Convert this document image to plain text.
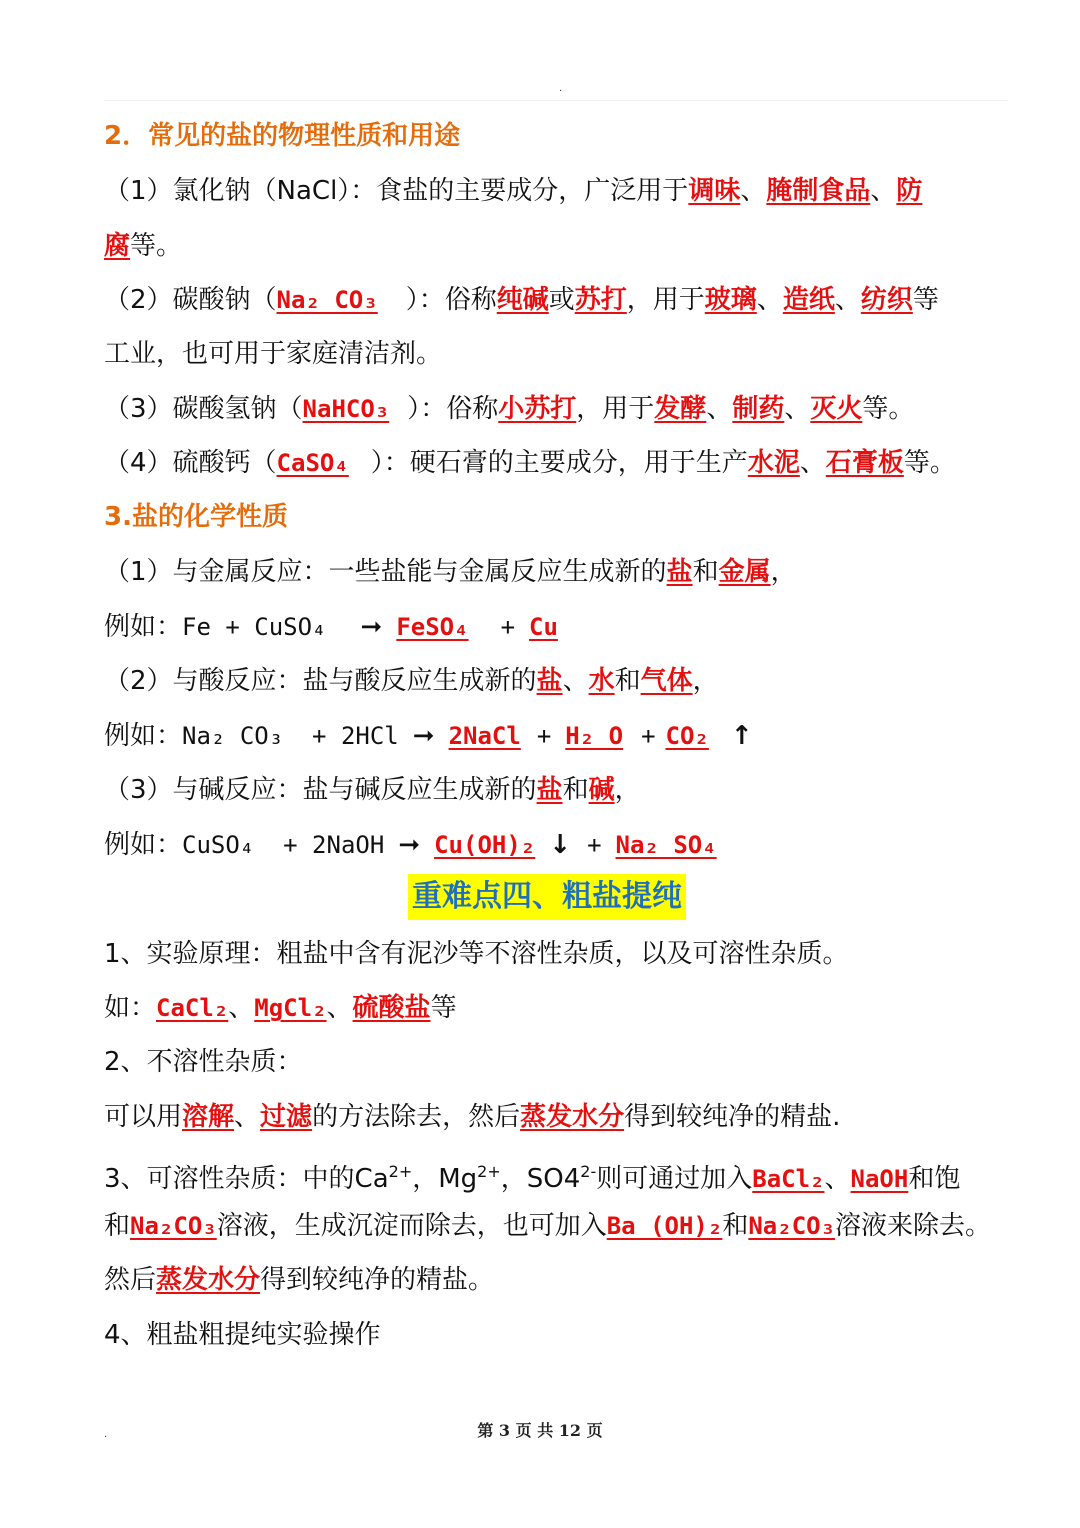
.
2．常见的盐的物理性质和用途
（1）氯化钠（NaCl）：食盐的主要成分，广泛用于调味、腌制食品、防
腐等。
（2）碳酸钠（Na₂ CO₃ ）：俗称纯碱或苏打，用于玻璃、造纸、纺织等
工业，也可用于家庭清洁剂。
（3）碳酸氢钠（NaHCO₃ ）：俗称小苏打，用于发酵、制药、灭火等。
（4）硫酸钙（CaSO₄ ）：硬石膏的主要成分，用于生产水泥、石膏板等。
3.盐的化学性质
（1）与金属反应：一些盐能与金属反应生成新的盐和金属，
例如：Fe + CuSO₄ ➞ FeSO₄ + Cu
（2）与酸反应：盐与酸反应生成新的盐、水和气体，
例如：Na₂ CO₃  + 2HCl ➞ 2NaCl + H₂ O + CO₂ ↑
（3）与碱反应：盐与碱反应生成新的盐和碱，
例如：CuSO₄  + 2NaOH ➞ Cu(OH)₂ ↓ + Na₂ SO₄
重难点四、粗盐提纯
1、实验原理：粗盐中含有泥沙等不溶性杂质，以及可溶性杂质。
如：CaCl₂、MgCl₂、硫酸盐等
2、不溶性杂质：
可以用溶解、过滤的方法除去，然后蒸发水分得到较纯净的精盐.
3、可溶性杂质：中的$Ca^{2+}$，$Mg^{2+}$，$SO4^{2-}$则可通过加入BaCl₂、NaOH和饱
和Na₂CO₃溶液，生成沉淀而除去，也可加入Ba (OH)₂和Na₂CO₃溶液来除去。
然后蒸发水分得到较纯净的精盐。
4、粗盐粗提纯实验操作
.	第 3 页 共 12 页
